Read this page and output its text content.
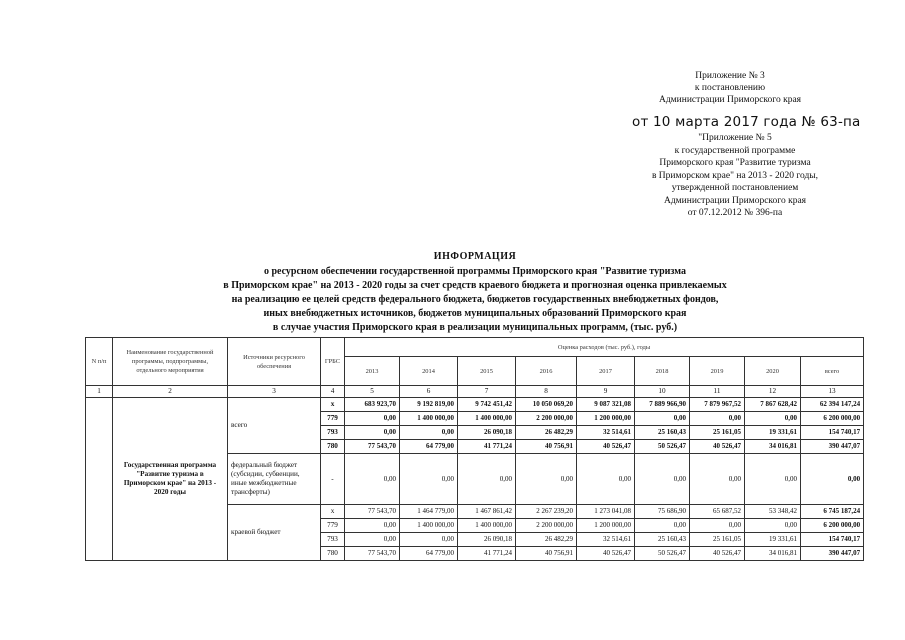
Приложение № 3
к постановлению
Администрации Приморского края
от 10 марта 2017 года № 63-па
"Приложение № 5
к государственной программе
Приморского края "Развитие туризма
в Приморском крае" на 2013 - 2020 годы,
утвержденной постановлением
Администрации Приморского края
от 07.12.2012 № 396-па
ИНФОРМАЦИЯ
о ресурсном обеспечении государственной программы Приморского края "Развитие туризма
в Приморском крае" на 2013 - 2020 годы за счет средств краевого бюджета и прогнозная оценка привлекаемых
на реализацию ее целей средств федерального бюджета, бюджетов государственных внебюджетных фондов,
иных внебюджетных источников, бюджетов муниципальных образований Приморского края
в случае участия Приморского края в реализации муниципальных программ, (тыс. руб.)
N п/п	Наименование государственной программы, подпрограммы, отдельного мероприятия	Источники ресурсного обеспечения	ГРБС	Оценка расходов (тыс. руб.), годы								
				2013	2014	2015	2016	2017	2018	2019	2020	всего
1	2	3	4	5	6	7	8	9	10	11	12	13
	Государственная программа "Развитие туризма в Приморском крае" на 2013 - 2020 годы	всего	x	683 923,70	9 192 819,00	9 742 451,42	10 050 069,20	9 087 321,08	7 889 966,90	7 879 967,52	7 867 628,42	62 394 147,24
			779	0,00	1 400 000,00	1 400 000,00	2 200 000,00	1 200 000,00	0,00	0,00	0,00	6 200 000,00
			793	0,00	0,00	26 090,18	26 482,29	32 514,61	25 160,43	25 161,05	19 331,61	154 740,17
			780	77 543,70	64 779,00	41 771,24	40 756,91	40 526,47	50 526,47	40 526,47	34 016,81	390 447,07
		федеральный бюджет (субсидии, субвенции, иные межбюджетные трансферты)	-	0,00	0,00	0,00	0,00	0,00	0,00	0,00	0,00	0,00
		краевой бюджет	x	77 543,70	1 464 779,00	1 467 861,42	2 267 239,20	1 273 041,08	75 686,90	65 687,52	53 348,42	6 745 187,24
			779	0,00	1 400 000,00	1 400 000,00	2 200 000,00	1 200 000,00	0,00	0,00	0,00	6 200 000,00
			793	0,00	0,00	26 090,18	26 482,29	32 514,61	25 160,43	25 161,05	19 331,61	154 740,17
			780	77 543,70	64 779,00	41 771,24	40 756,91	40 526,47	50 526,47	40 526,47	34 016,81	390 447,07
